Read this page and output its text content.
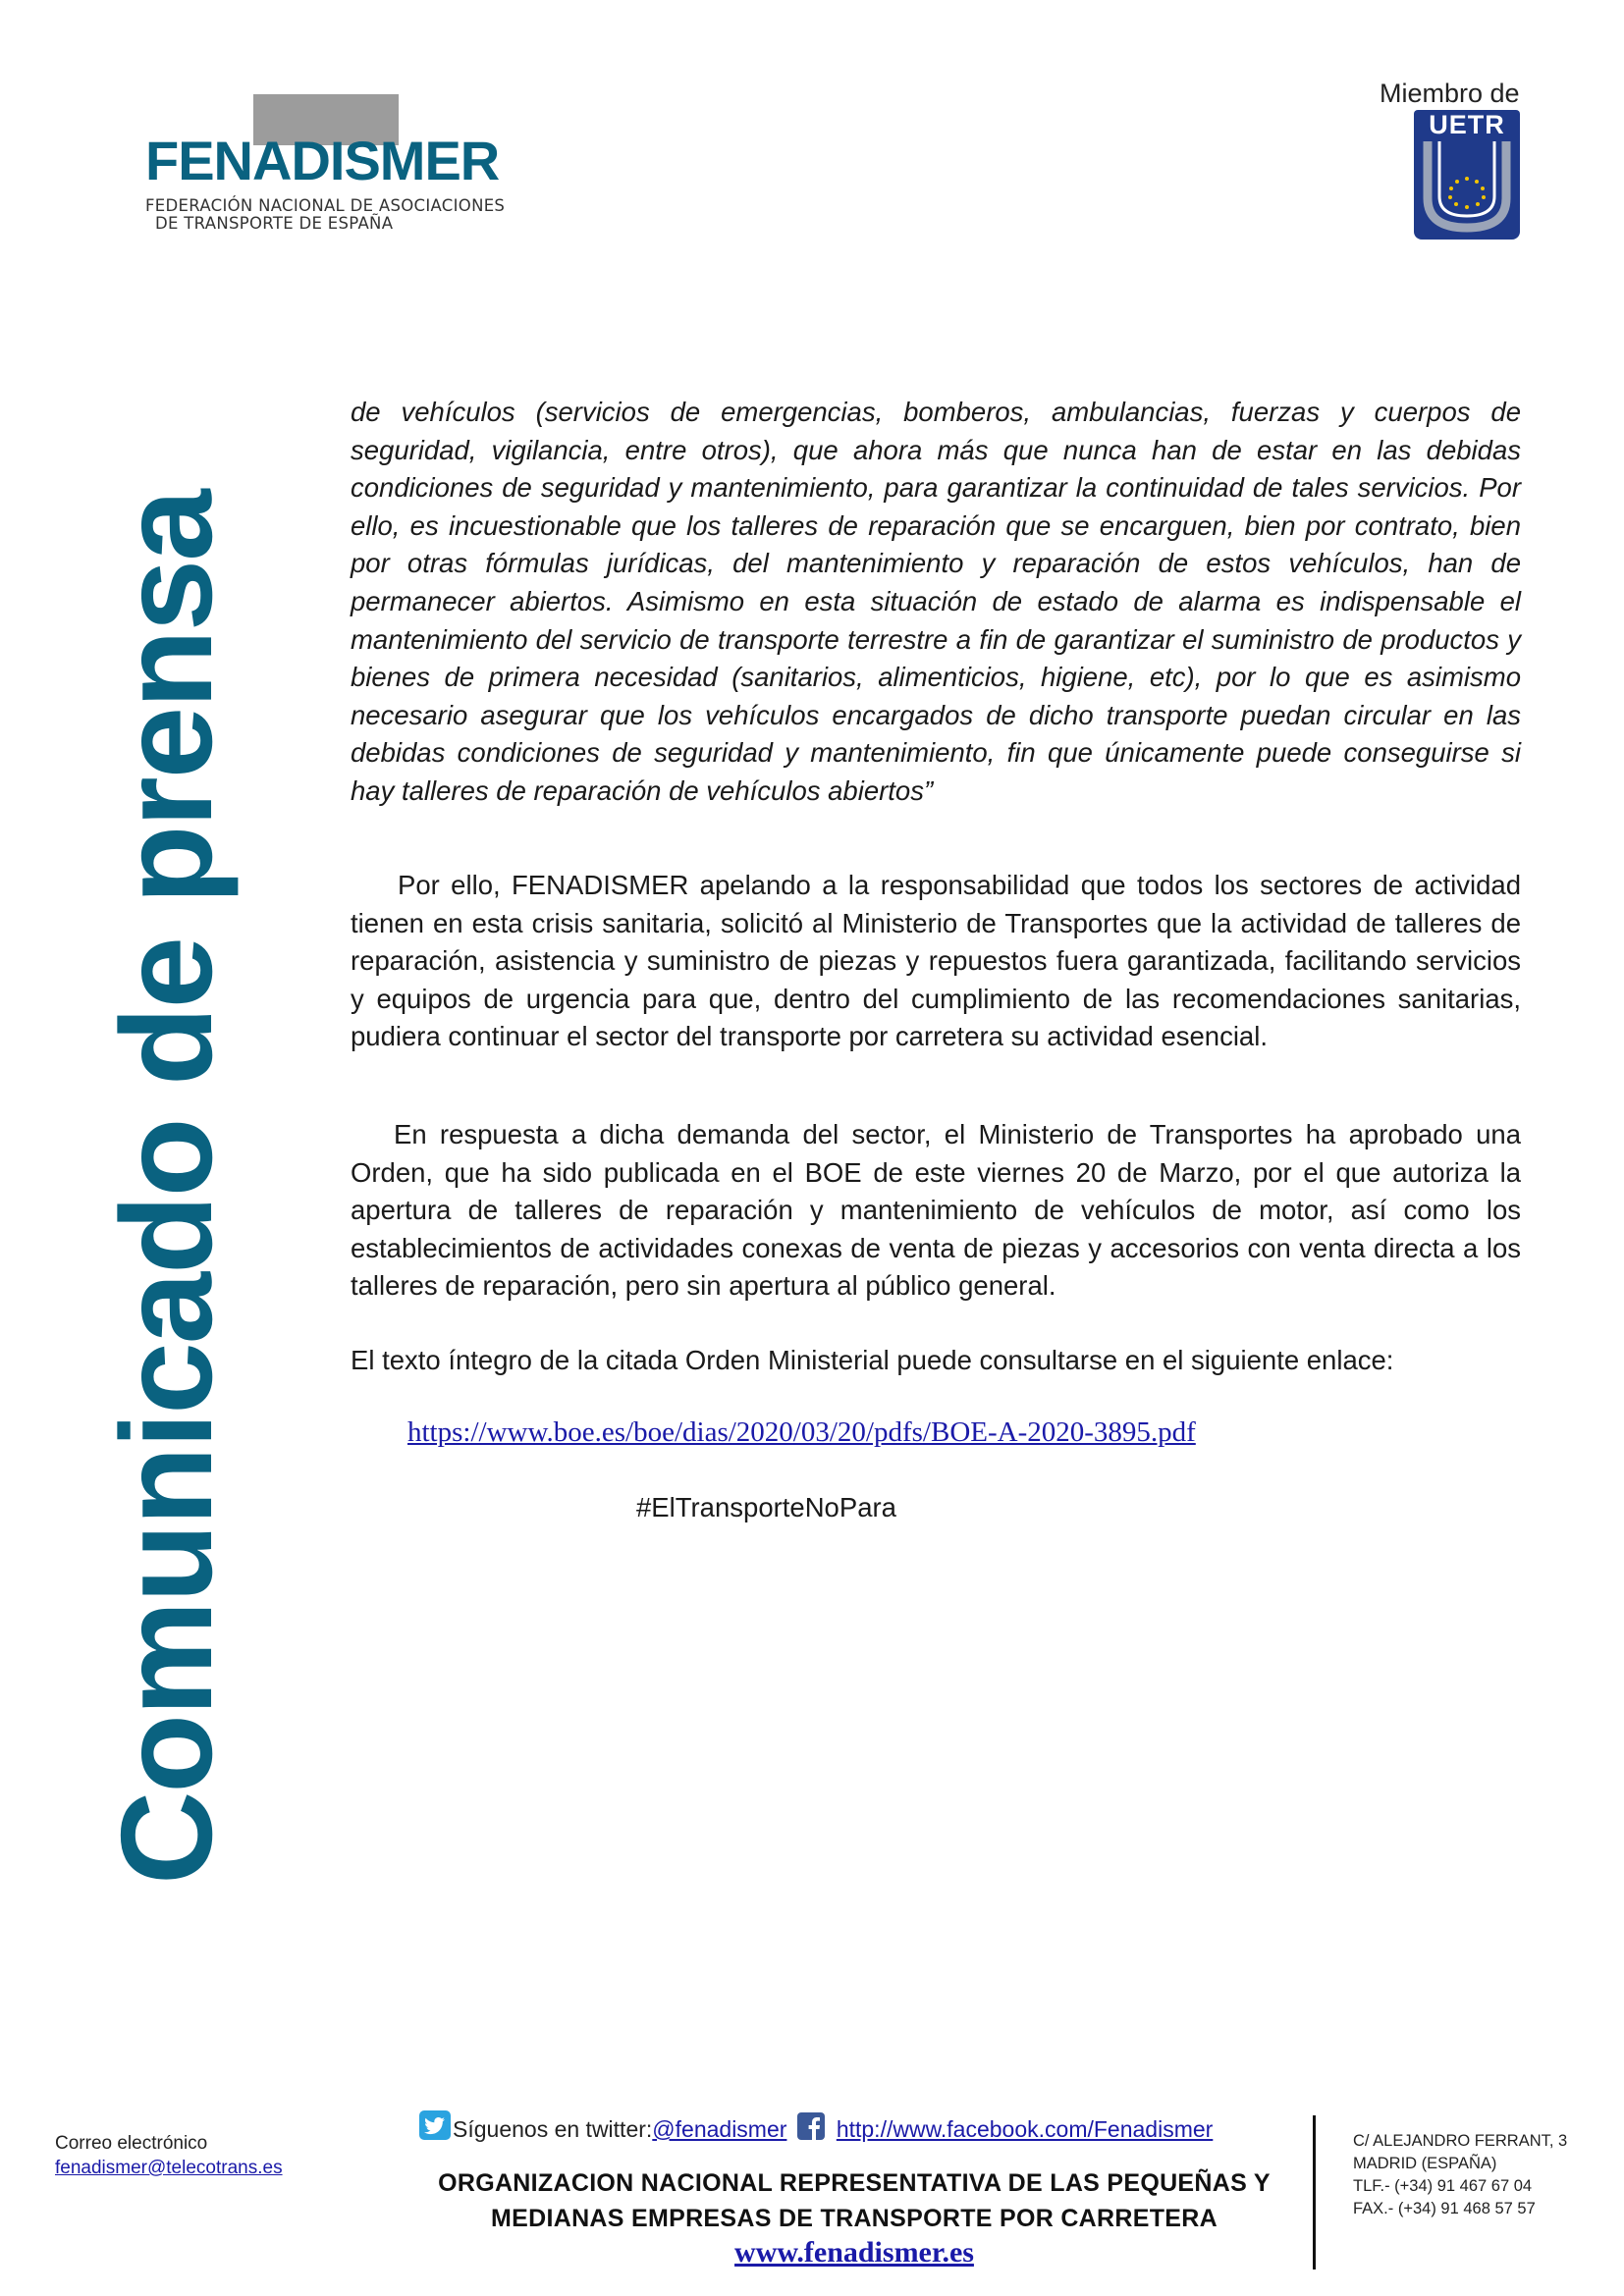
FENADISMER
FEDERACIÓN NACIONAL DE ASOCIACIONES
DE TRANSPORTE DE ESPAÑA
Miembro de
UETR
Comunicado de prensa
de vehículos (servicios de emergencias, bomberos, ambulancias, fuerzas y cuerpos de seguridad, vigilancia, entre otros), que ahora más que nunca han de estar en las debidas condiciones de seguridad y mantenimiento, para garantizar la continuidad de tales servicios. Por ello, es incuestionable que los talleres de reparación que se encarguen, bien por contrato, bien por otras fórmulas jurídicas, del mantenimiento y reparación de estos vehículos, han de permanecer abiertos. Asimismo en esta situación de estado de alarma es indispensable el mantenimiento del servicio de transporte terrestre a fin de garantizar el suministro de productos y bienes de primera necesidad (sanitarios, alimenticios, higiene, etc), por lo que es asimismo necesario asegurar que los vehículos encargados de dicho transporte puedan circular en las debidas condiciones de seguridad y mantenimiento, fin que únicamente puede conseguirse si hay talleres de reparación de vehículos abiertos”
Por ello, FENADISMER apelando a la responsabilidad que todos los sectores de actividad tienen en esta crisis sanitaria, solicitó al Ministerio de Transportes que la actividad de talleres de reparación, asistencia y suministro de piezas y repuestos fuera garantizada, facilitando servicios y equipos de urgencia para que, dentro del cumplimiento de las recomendaciones sanitarias, pudiera continuar el sector del transporte por carretera su actividad esencial.
En respuesta a dicha demanda del sector, el Ministerio de Transportes ha aprobado una Orden, que ha sido publicada en el BOE de este viernes 20 de Marzo, por el que autoriza la apertura de talleres de reparación y mantenimiento de vehículos de motor, así como los establecimientos de actividades conexas de venta de piezas y accesorios con venta directa a los talleres de reparación, pero sin apertura al público general.
El texto íntegro de la citada Orden Ministerial puede consultarse en el siguiente enlace:
https://www.boe.es/boe/dias/2020/03/20/pdfs/BOE-A-2020-3895.pdf
#ElTransporteNoPara
Correo electrónico
fenadismer@telecotrans.es
Síguenos en twitter:@fenadismer http://www.facebook.com/Fenadismer
ORGANIZACION NACIONAL REPRESENTATIVA DE LAS PEQUEÑAS Y
MEDIANAS EMPRESAS DE TRANSPORTE POR CARRETERA
www.fenadismer.es
C/ ALEJANDRO FERRANT, 3
MADRID (ESPAÑA)
TLF.- (+34) 91 467 67 04
FAX.- (+34) 91 468 57 57
